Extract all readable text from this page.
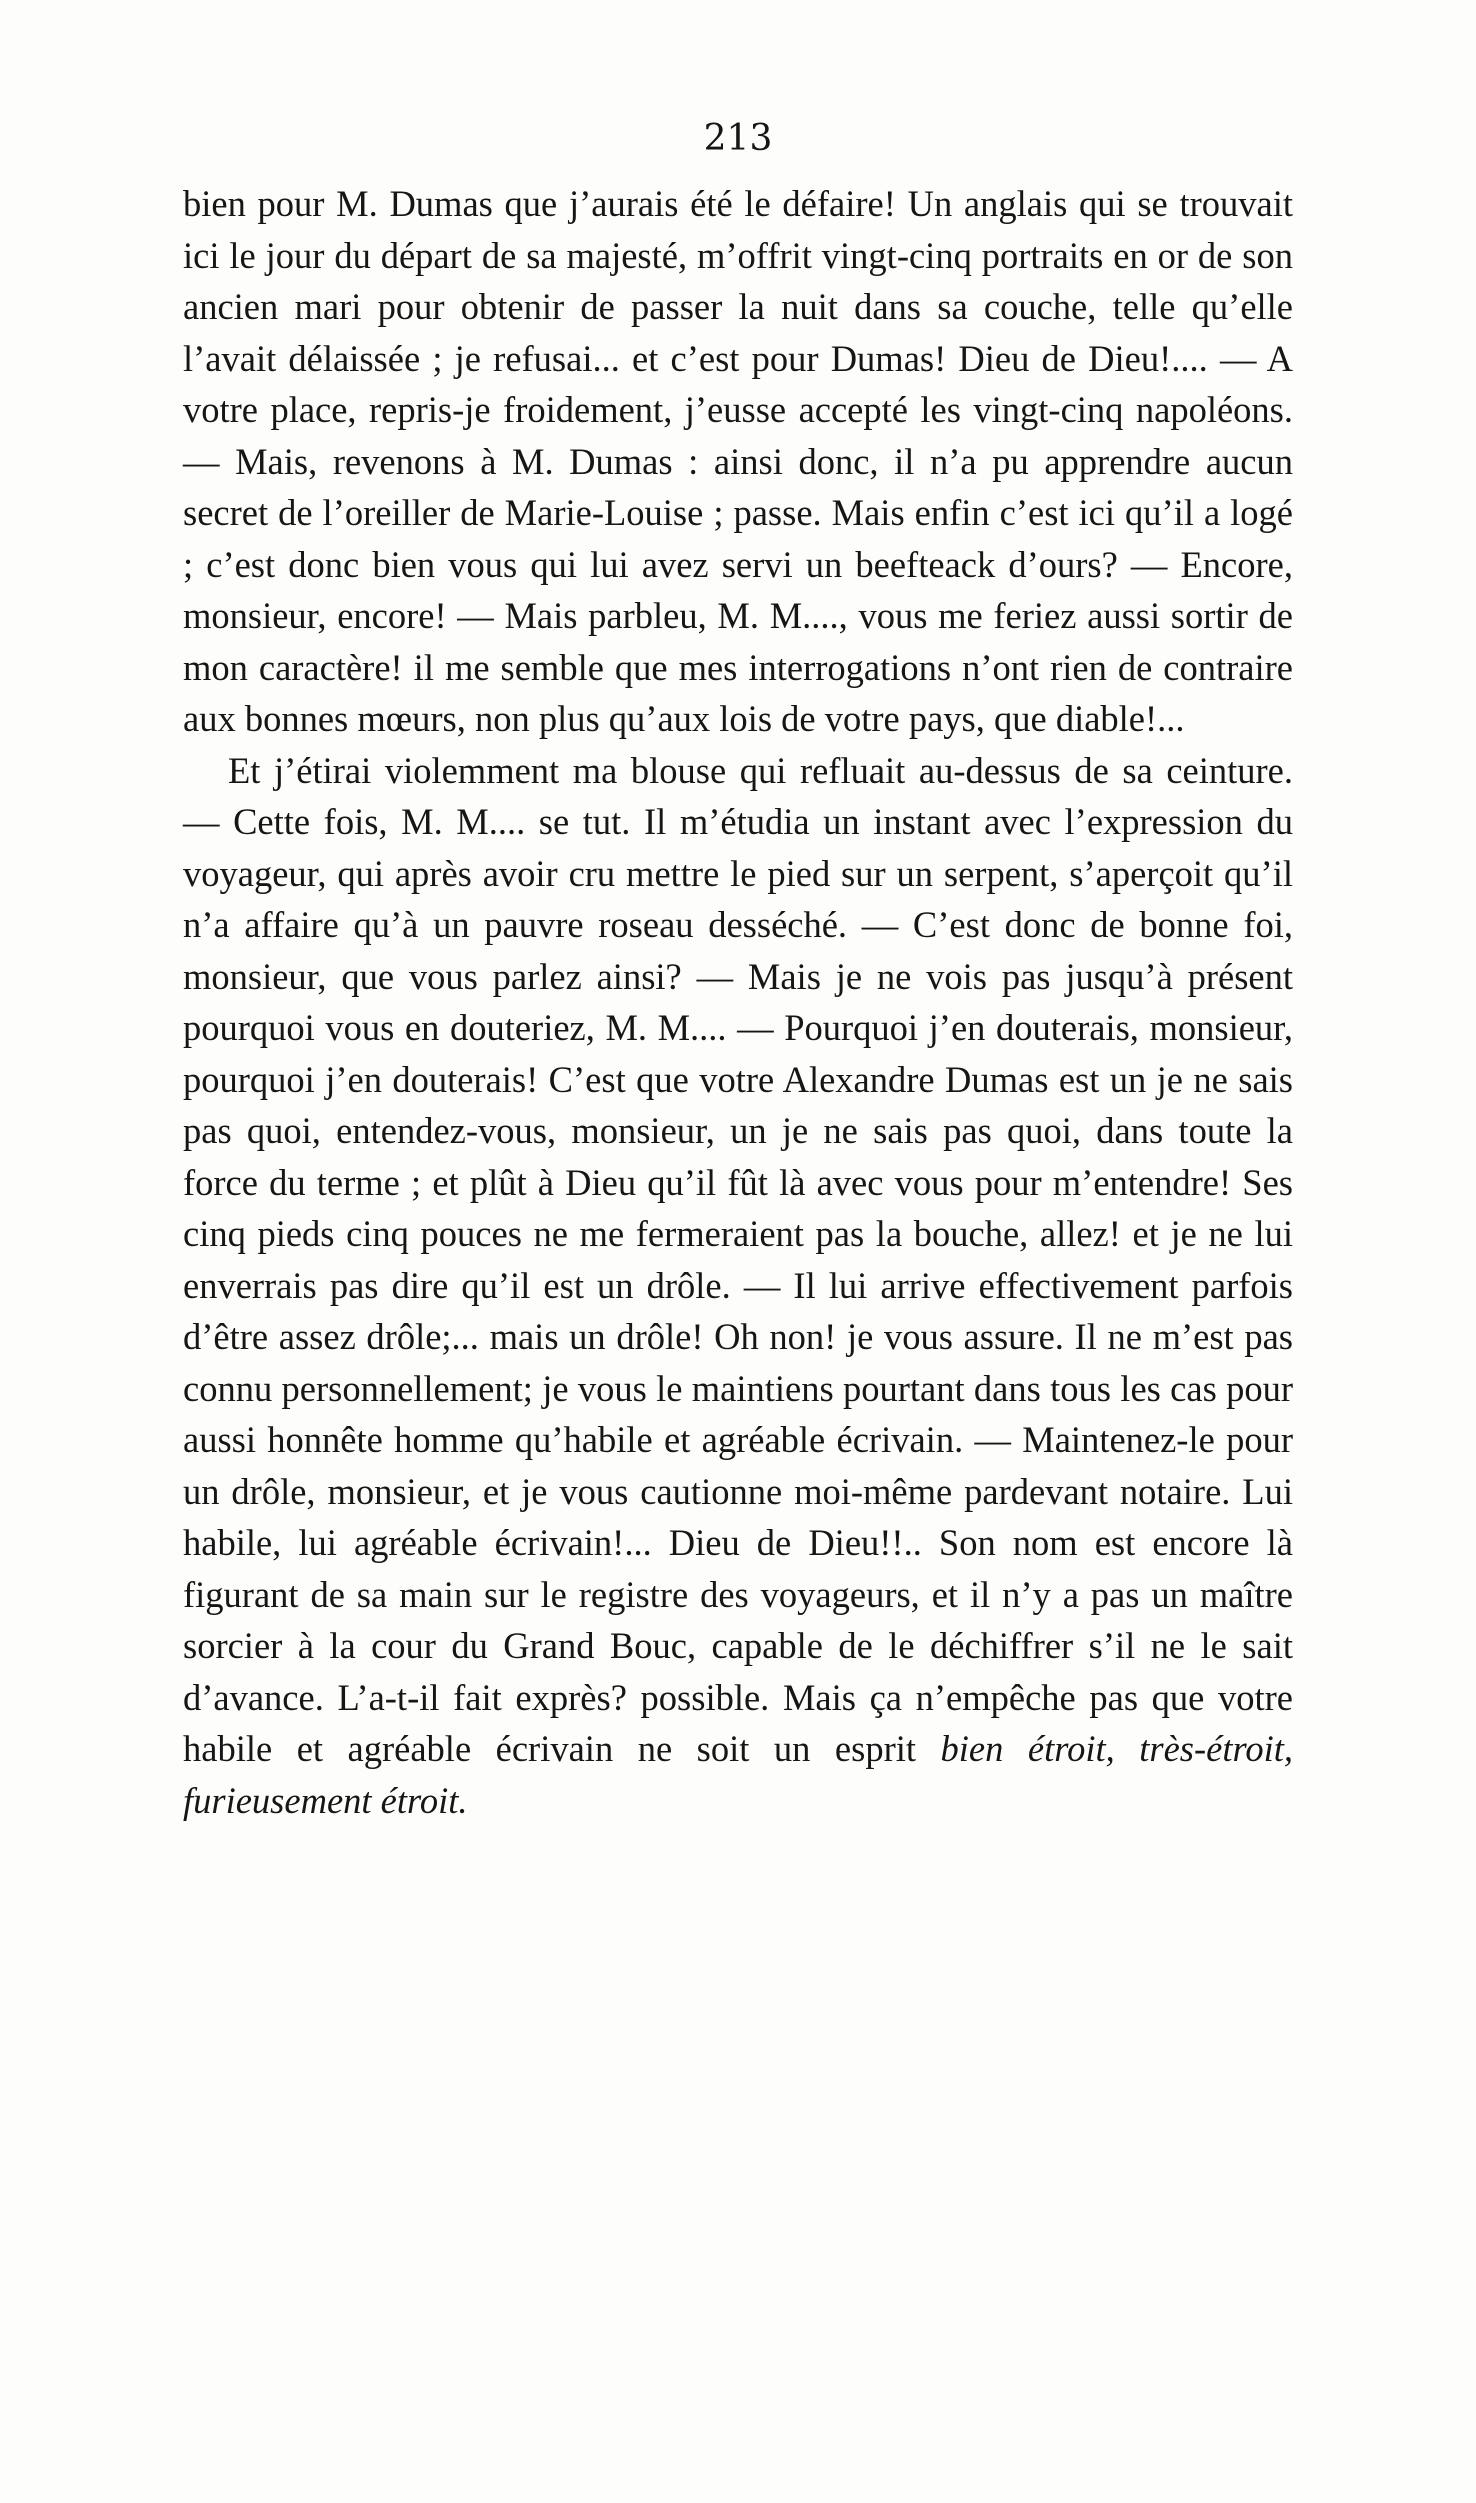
213

bien pour M. Dumas que j’aurais été le défaire! Un anglais qui se trouvait ici le jour du départ de sa majesté, m’offrit vingt-cinq portraits en or de son ancien mari pour obtenir de passer la nuit dans sa couche, telle qu’elle l’avait délaissée ; je refusai... et c’est pour Dumas! Dieu de Dieu!.... — A votre place, repris-je froidement, j’eusse accepté les vingt-cinq napoléons. — Mais, revenons à M. Dumas : ainsi donc, il n’a pu apprendre aucun secret de l’oreiller de Marie-Louise ; passe. Mais enfin c’est ici qu’il a logé ; c’est donc bien vous qui lui avez servi un beefteack d’ours? — Encore, monsieur, encore! — Mais parbleu, M. M...., vous me feriez aussi sortir de mon caractère! il me semble que mes interrogations n’ont rien de contraire aux bonnes mœurs, non plus qu’aux lois de votre pays, que diable!...

Et j’étirai violemment ma blouse qui refluait au-dessus de sa ceinture. — Cette fois, M. M.... se tut. Il m’étudia un instant avec l’expression du voyageur, qui après avoir cru mettre le pied sur un serpent, s’aperçoit qu’il n’a affaire qu’à un pauvre roseau desséché. — C’est donc de bonne foi, monsieur, que vous parlez ainsi? — Mais je ne vois pas jusqu’à présent pourquoi vous en douteriez, M. M.... — Pourquoi j’en douterais, monsieur, pourquoi j’en douterais! C’est que votre Alexandre Dumas est un je ne sais pas quoi, entendez-vous, monsieur, un je ne sais pas quoi, dans toute la force du terme ; et plût à Dieu qu’il fût là avec vous pour m’entendre! Ses cinq pieds cinq pouces ne me fermeraient pas la bouche, allez! et je ne lui enverrais pas dire qu’il est un drôle. — Il lui arrive effectivement parfois d’être assez drôle;... mais un drôle! Oh non! je vous assure. Il ne m’est pas connu personnellement; je vous le maintiens pourtant dans tous les cas pour aussi honnête homme qu’habile et agréable écrivain. — Maintenez-le pour un drôle, monsieur, et je vous cautionne moi-même pardevant notaire. Lui habile, lui agréable écrivain!... Dieu de Dieu!!.. Son nom est encore là figurant de sa main sur le registre des voyageurs, et il n’y a pas un maître sorcier à la cour du Grand Bouc, capable de le déchiffrer s’il ne le sait d’avance. L’a-t-il fait exprès? possible. Mais ça n’empêche pas que votre habile et agréable écrivain ne soit un esprit bien étroit, très-étroit, furieusement étroit.
